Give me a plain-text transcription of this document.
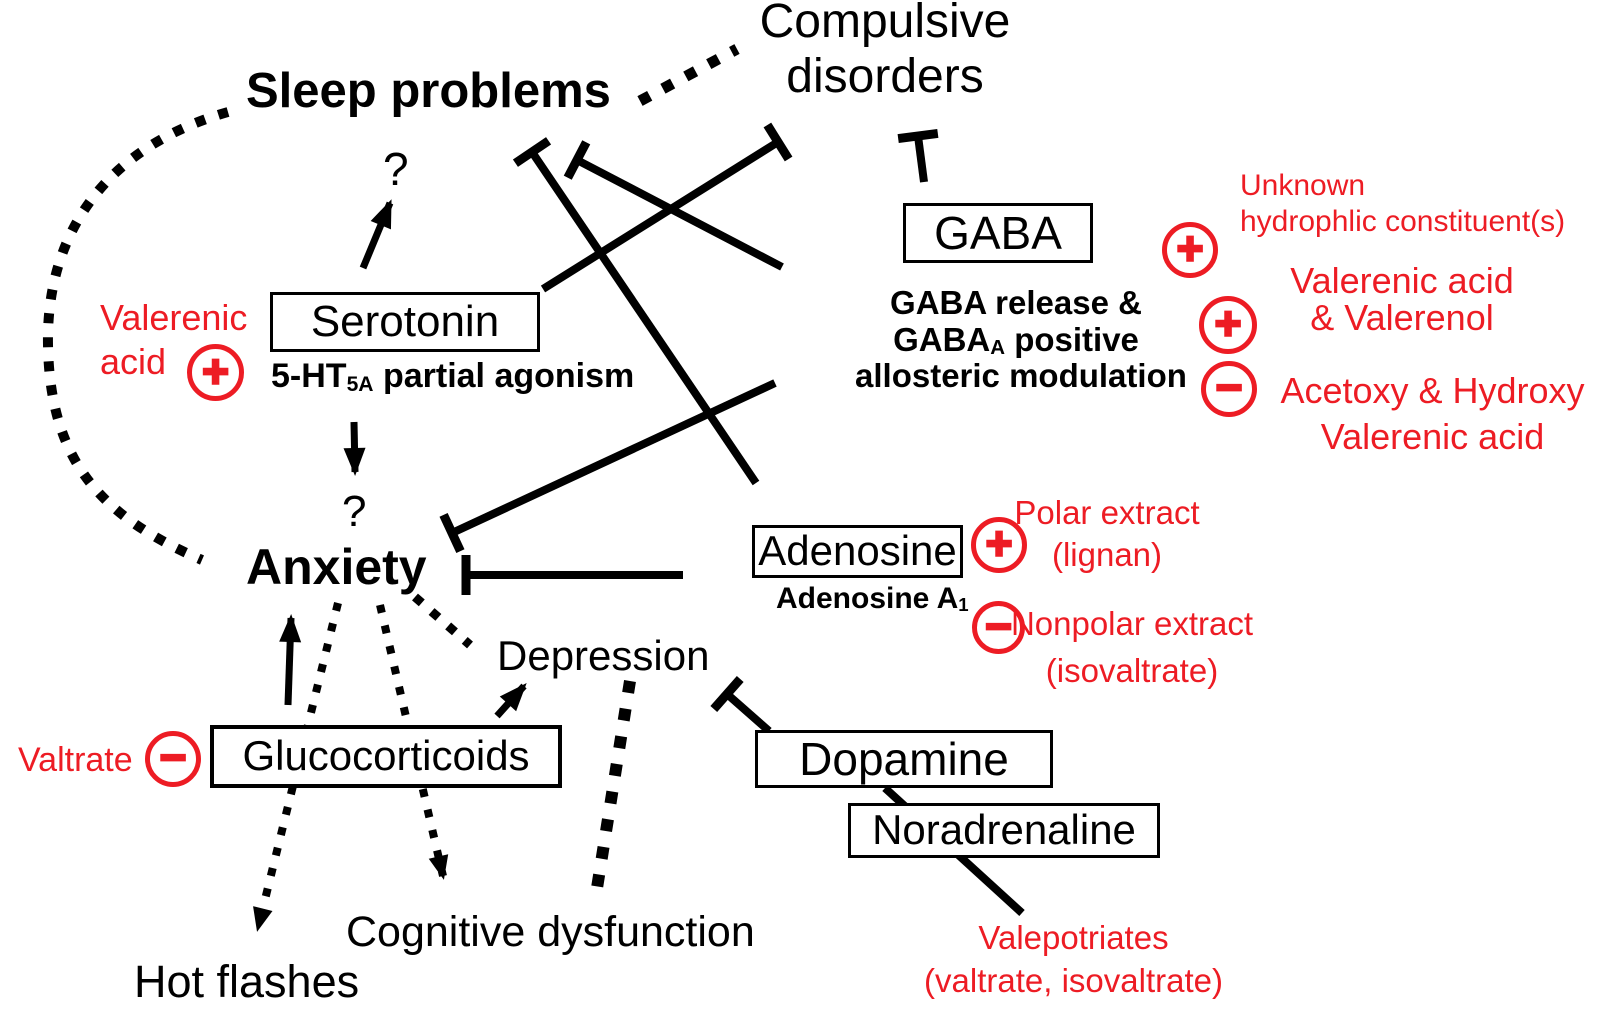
Sleep problems
Compulsive
disorders
?
?
Anxiety
Depression
Cognitive dysfunction
Hot flashes
Serotonin
$5-HT_{5A}$ partial agonism
GABA
GABA release &
$GABA_A$ positive
allosteric modulation
Adenosine
Adenosine $A_1$
Glucocorticoids	Dopamine
Noradrenaline
Valerenic
acid +
Unknown
hydrophlic constituent(s)
+
Valerenic acid
& Valerenol
+
Acetoxy & Hydroxy
Valerenic acid
−
Polar extract
(lignan)
+
Nonpolar extract
(isovaltrate)
−
Valtrate −
Valepotriates
(valtrate, isovaltrate)
